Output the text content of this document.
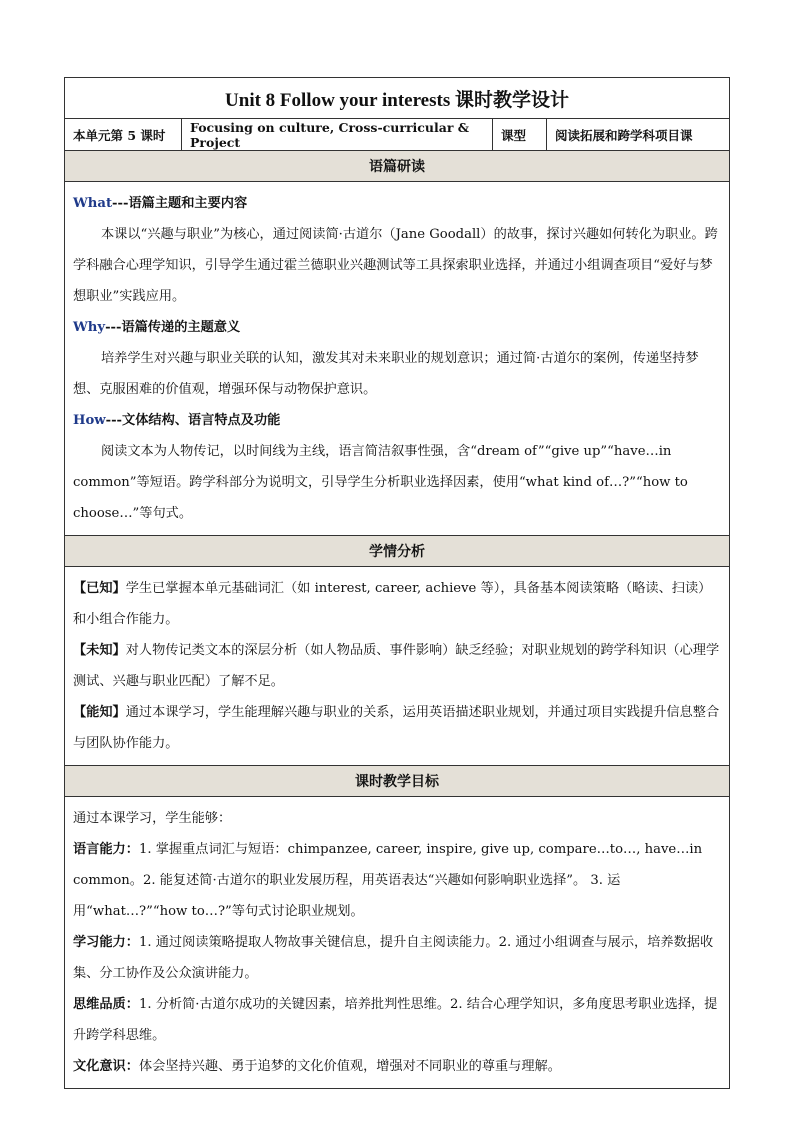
Unit 8 Follow your interests 课时教学设计
本单元第 5 课时	Focusing on culture, Cross-curricular & Project	课型	阅读拓展和跨学科项目课
语篇研读

What---语篇主题和主要内容

本课以“兴趣与职业”为核心，通过阅读简·古道尔（Jane Goodall）的故事，探讨兴趣如何转化为职业。跨学科融合心理学知识，引导学生通过霍兰德职业兴趣测试等工具探索职业选择，并通过小组调查项目“爱好与梦想职业”实践应用。

Why---语篇传递的主题意义

培养学生对兴趣与职业关联的认知，激发其对未来职业的规划意识；通过简·古道尔的案例，传递坚持梦想、克服困难的价值观，增强环保与动物保护意识。

How---文体结构、语言特点及功能

阅读文本为人物传记，以时间线为主线，语言简洁叙事性强，含“dream of”“give up”“have…in common”等短语。跨学科部分为说明文，引导学生分析职业选择因素，使用“what kind of…?”“how to choose…”等句式。

学情分析

【已知】学生已掌握本单元基础词汇（如 interest, career, achieve 等），具备基本阅读策略（略读、扫读）和小组合作能力。

【未知】对人物传记类文本的深层分析（如人物品质、事件影响）缺乏经验；对职业规划的跨学科知识（心理学测试、兴趣与职业匹配）了解不足。

【能知】通过本课学习，学生能理解兴趣与职业的关系，运用英语描述职业规划，并通过项目实践提升信息整合与团队协作能力。

课时教学目标

通过本课学习，学生能够：

语言能力：1. 掌握重点词汇与短语：chimpanzee, career, inspire, give up, compare…to…, have…in common。2. 能复述简·古道尔的职业发展历程，用英语表达“兴趣如何影响职业选择”。 3. 运用“what…?”“how to…?”等句式讨论职业规划。

学习能力：1. 通过阅读策略提取人物故事关键信息，提升自主阅读能力。2. 通过小组调查与展示，培养数据收集、分工协作及公众演讲能力。

思维品质：1. 分析简·古道尔成功的关键因素，培养批判性思维。2. 结合心理学知识，多角度思考职业选择，提升跨学科思维。

文化意识：体会坚持兴趣、勇于追梦的文化价值观，增强对不同职业的尊重与理解。
